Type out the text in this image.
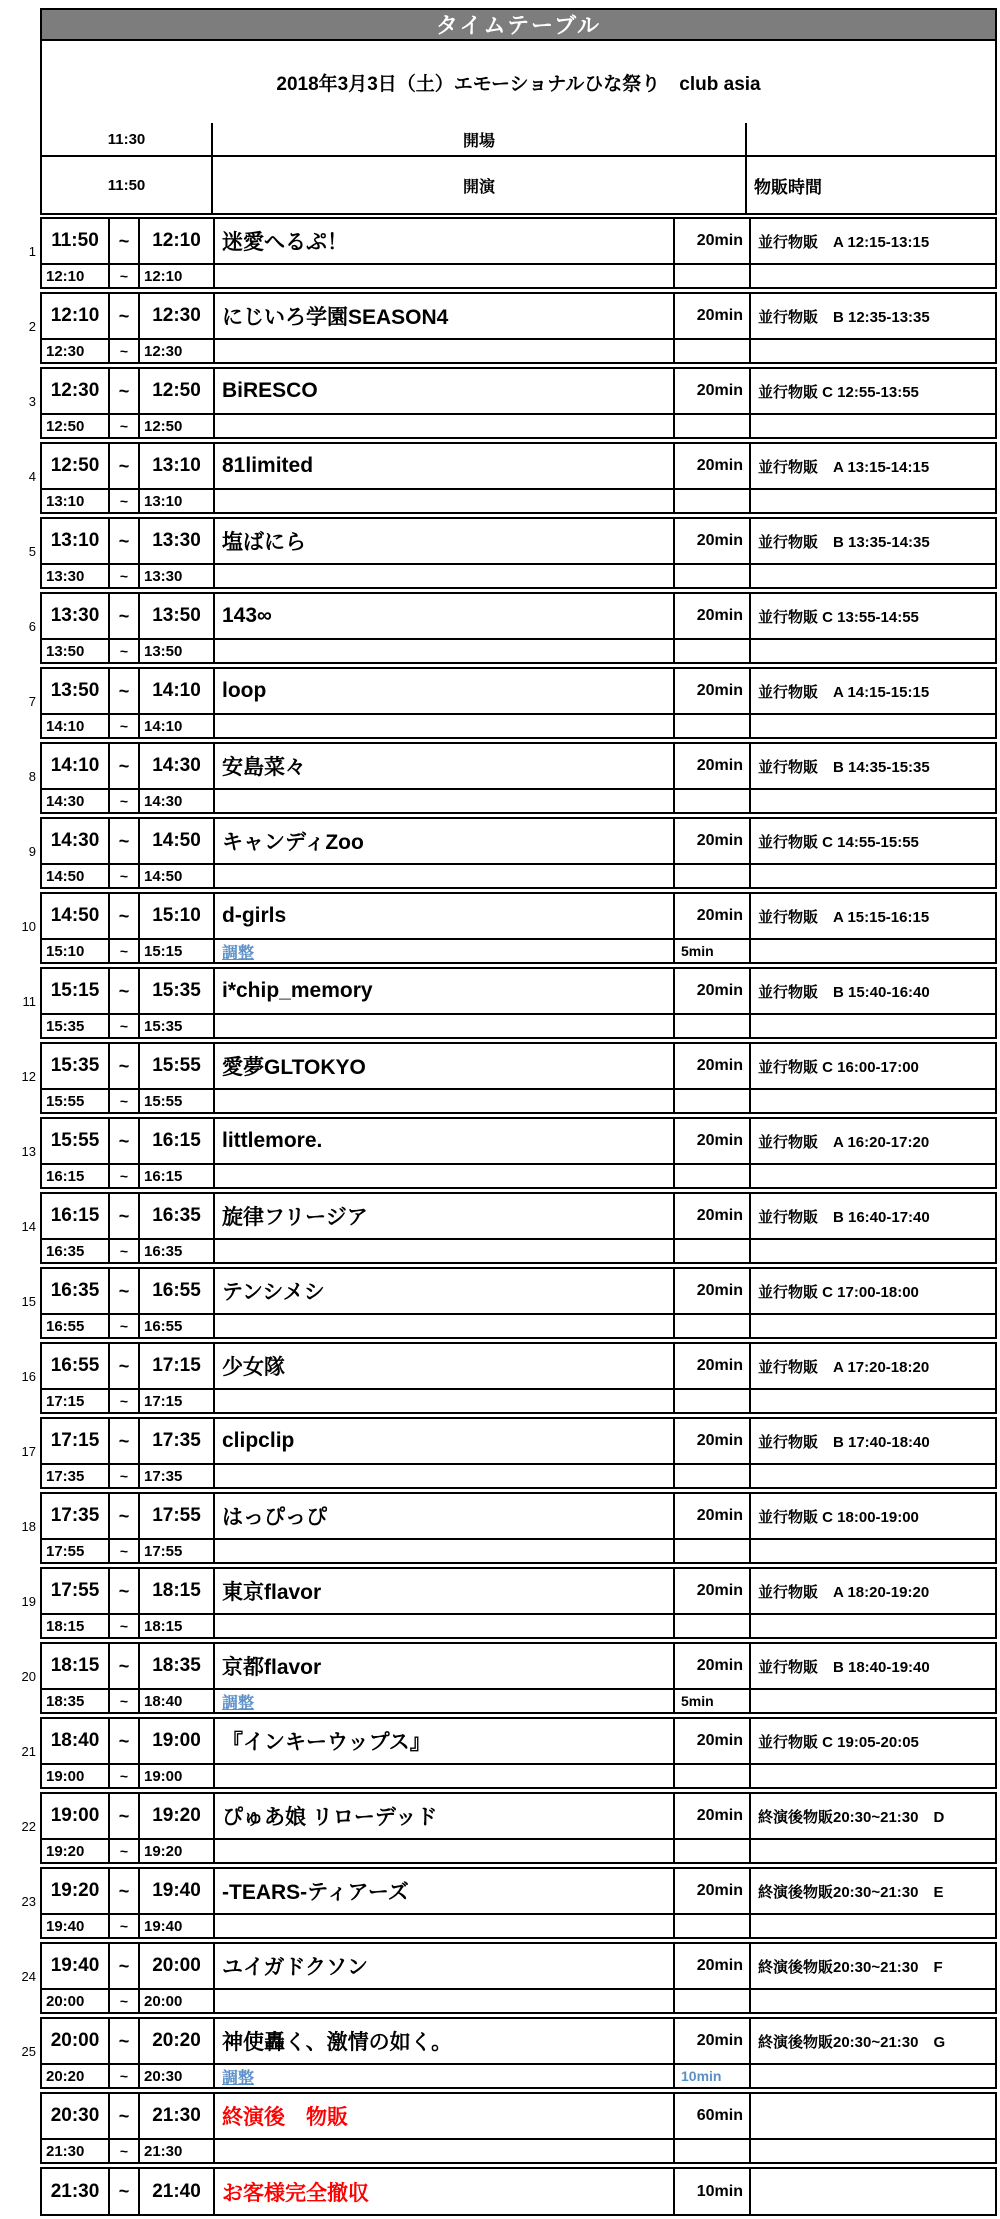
タイムテーブル
2018年3月3日（土）エモーショナルひな祭り　club asia
11:30	開場
11:50	開演	物販時間
11:50	~	12:10	迷愛へるぷ！	20min	並行物販　A 12:15-13:15
12:10	~	12:10
12:10	~	12:30	にじいろ学園SEASON4	20min	並行物販　B 12:35-13:35
12:30	~	12:30
12:30	~	12:50	BiRESCO	20min	並行物販 C 12:55-13:55
12:50	~	12:50
12:50	~	13:10	81limited	20min	並行物販　A 13:15-14:15
13:10	~	13:10
13:10	~	13:30	塩ばにら	20min	並行物販　B 13:35-14:35
13:30	~	13:30
13:30	~	13:50	143∞	20min	並行物販 C 13:55-14:55
13:50	~	13:50
13:50	~	14:10	loop	20min	並行物販　A 14:15-15:15
14:10	~	14:10
14:10	~	14:30	安島菜々	20min	並行物販　B 14:35-15:35
14:30	~	14:30
14:30	~	14:50	キャンディZoo	20min	並行物販 C 14:55-15:55
14:50	~	14:50
14:50	~	15:10	d-girls	20min	並行物販　A 15:15-16:15
15:10	~	15:15	調整	5min
15:15	~	15:35	i*chip_memory	20min	並行物販　B 15:40-16:40
15:35	~	15:35
15:35	~	15:55	愛夢GLTOKYO	20min	並行物販 C 16:00-17:00
15:55	~	15:55
15:55	~	16:15	littlemore.	20min	並行物販　A 16:20-17:20
16:15	~	16:15
16:15	~	16:35	旋律フリージア	20min	並行物販　B 16:40-17:40
16:35	~	16:35
16:35	~	16:55	テンシメシ	20min	並行物販 C 17:00-18:00
16:55	~	16:55
16:55	~	17:15	少女隊	20min	並行物販　A 17:20-18:20
17:15	~	17:15
17:15	~	17:35	clipclip	20min	並行物販　B 17:40-18:40
17:35	~	17:35
17:35	~	17:55	はっぴっぴ	20min	並行物販 C 18:00-19:00
17:55	~	17:55
17:55	~	18:15	東京flavor	20min	並行物販　A 18:20-19:20
18:15	~	18:15
18:15	~	18:35	京都flavor	20min	並行物販　B 18:40-19:40
18:35	~	18:40	調整	5min
18:40	~	19:00	『インキーウップス』	20min	並行物販 C 19:05-20:05
19:00	~	19:00
19:00	~	19:20	ぴゅあ娘 リローデッド	20min	終演後物販20:30~21:30　D
19:20	~	19:20
19:20	~	19:40	-TEARS-ティアーズ	20min	終演後物販20:30~21:30　E
19:40	~	19:40
19:40	~	20:00	ユイガドクソン	20min	終演後物販20:30~21:30　F
20:00	~	20:00
20:00	~	20:20	神使轟く、激情の如く。	20min	終演後物販20:30~21:30　G
20:20	~	20:30	調整	10min
20:30	~	21:30	終演後　物販	60min
21:30	~	21:30
21:30	~	21:40	お客様完全撤収	10min
1
2
3
4
5
6
7
8
9
10
11
12
13
14
15
16
17
18
19
20
21
22
23
24
25
